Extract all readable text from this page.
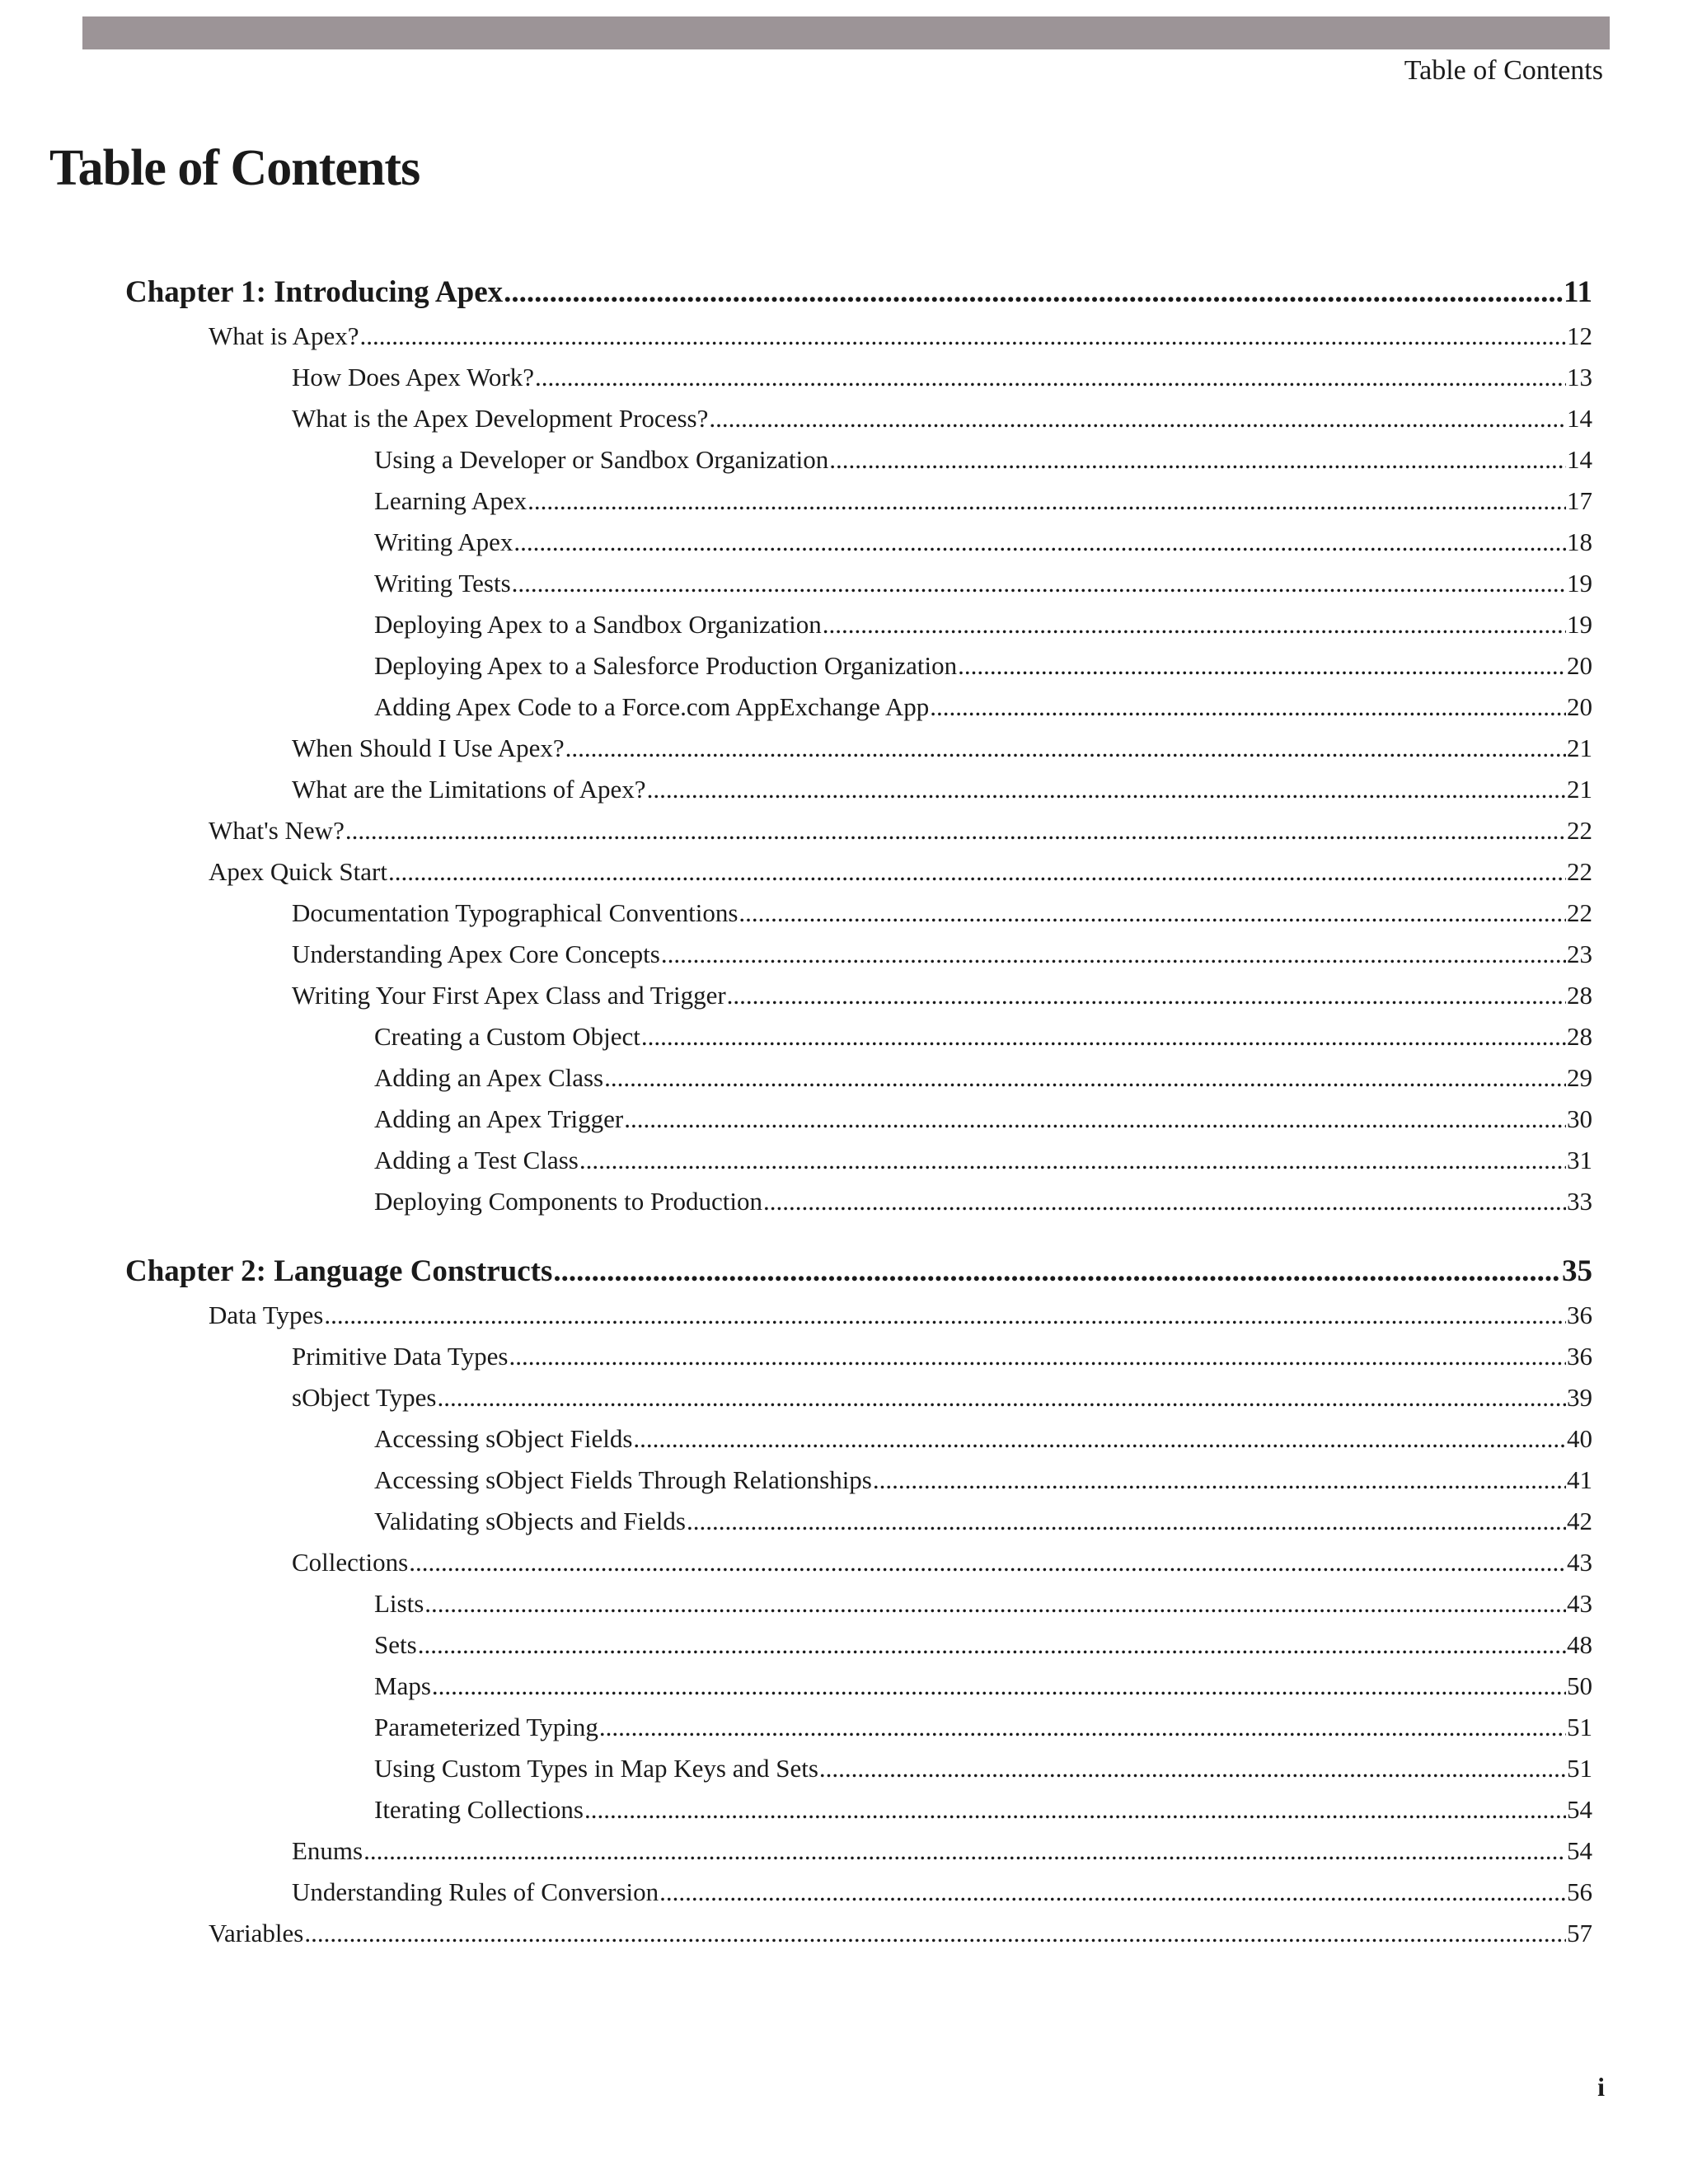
Table of Contents
Table of Contents
Chapter 1: Introducing Apex .....	11
What is Apex? .....	12
How Does Apex Work? .....	13
What is the Apex Development Process? .....	14
Using a Developer or Sandbox Organization .....	14
Learning Apex .....	17
Writing Apex .....	18
Writing Tests .....	19
Deploying Apex to a Sandbox Organization .....	19
Deploying Apex to a Salesforce Production Organization .....	20
Adding Apex Code to a Force.com AppExchange App .....	20
When Should I Use Apex? .....	21
What are the Limitations of Apex? .....	21
What's New? .....	22
Apex Quick Start .....	22
Documentation Typographical Conventions .....	22
Understanding Apex Core Concepts .....	23
Writing Your First Apex Class and Trigger .....	28
Creating a Custom Object .....	28
Adding an Apex Class .....	29
Adding an Apex Trigger .....	30
Adding a Test Class .....	31
Deploying Components to Production .....	33
Chapter 2: Language Constructs .....	35
Data Types .....	36
Primitive Data Types .....	36
sObject Types .....	39
Accessing sObject Fields .....	40
Accessing sObject Fields Through Relationships .....	41
Validating sObjects and Fields .....	42
Collections .....	43
Lists .....	43
Sets .....	48
Maps .....	50
Parameterized Typing .....	51
Using Custom Types in Map Keys and Sets .....	51
Iterating Collections .....	54
Enums .....	54
Understanding Rules of Conversion .....	56
Variables .....	57
i
